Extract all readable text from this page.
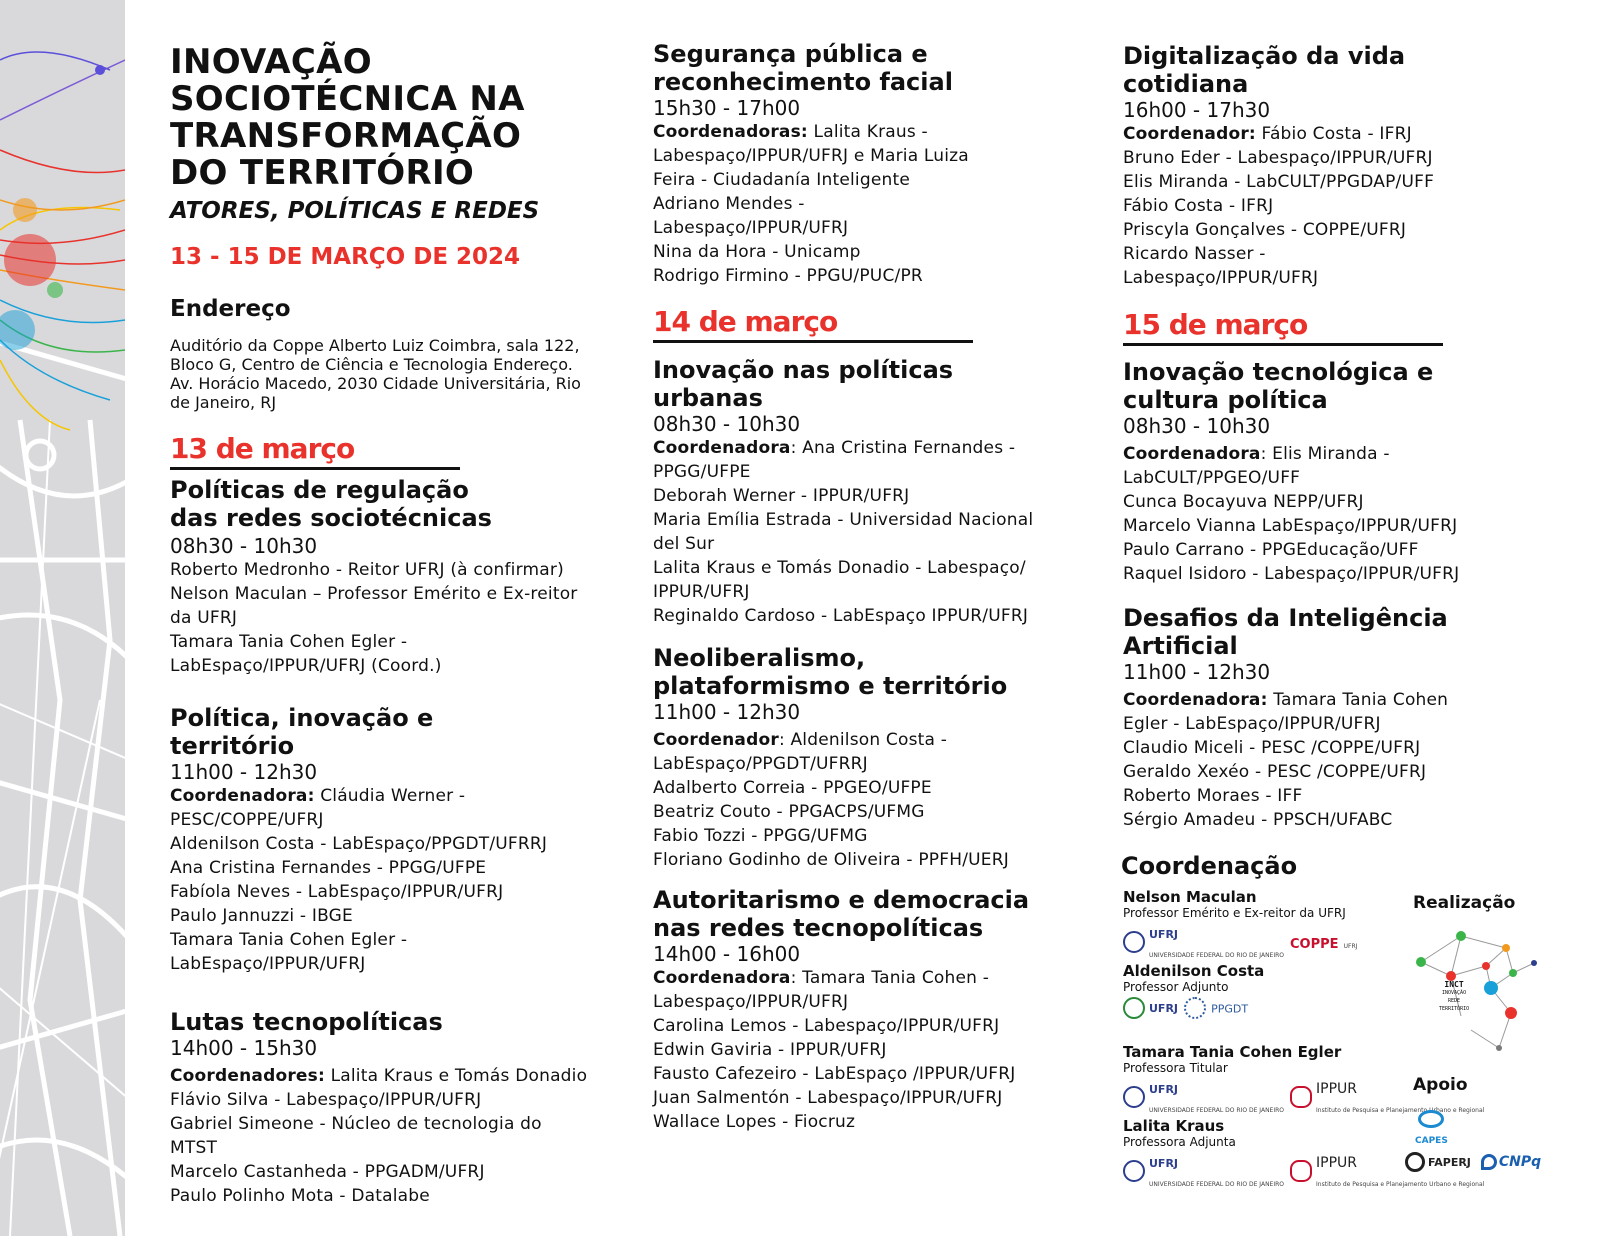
INOVAÇÃO

SOCIOTÉCNICA NA

TRANSFORMAÇÃO

DO TERRITÓRIO

ATORES, POLÍTICAS E REDES

13 - 15 DE MARÇO DE 2024

Endereço

Auditório da Coppe Alberto Luiz Coimbra, sala 122, Bloco G, Centro de Ciência e Tecnologia Endereço. Av. Horácio Macedo, 2030 Cidade Universitária, Rio de Janeiro, RJ

13 de março

Políticas de regulação

das redes sociotécnicas

08h30 - 10h30

Roberto Medronho - Reitor UFRJ (à confirmar)

Nelson Maculan – Professor Emérito e Ex-reitor

da UFRJ

Tamara Tania Cohen Egler -

LabEspaço/IPPUR/UFRJ (Coord.)

Política, inovação e

território

11h00 - 12h30

Coordenadora: Cláudia Werner -

PESC/COPPE/UFRJ

Aldenilson Costa - LabEspaço/PPGDT/UFRRJ

Ana Cristina Fernandes - PPGG/UFPE

Fabíola Neves - LabEspaço/IPPUR/UFRJ

Paulo Jannuzzi - IBGE

Tamara Tania Cohen Egler -

LabEspaço/IPPUR/UFRJ

Lutas tecnopolíticas

14h00 - 15h30

Coordenadores: Lalita Kraus e Tomás Donadio

Flávio Silva - Labespaço/IPPUR/UFRJ

Gabriel Simeone - Núcleo de tecnologia do

MTST

Marcelo Castanheda - PPGADM/UFRJ

Paulo Polinho Mota - Datalabe

Segurança pública e

reconhecimento facial

15h30 - 17h00

Coordenadoras: Lalita Kraus -

Labespaço/IPPUR/UFRJ e Maria Luiza

Feira - Ciudadanía Inteligente

Adriano Mendes -

Labespaço/IPPUR/UFRJ

Nina da Hora - Unicamp

Rodrigo Firmino - PPGU/PUC/PR

14 de março

Inovação nas políticas

urbanas

08h30 - 10h30

Coordenadora: Ana Cristina Fernandes -

PPGG/UFPE

Deborah Werner - IPPUR/UFRJ

Maria Emília Estrada - Universidad Nacional

del Sur

Lalita Kraus e Tomás Donadio - Labespaço/

IPPUR/UFRJ

Reginaldo Cardoso - LabEspaço IPPUR/UFRJ

Neoliberalismo,

plataformismo e território

11h00 - 12h30

Coordenador: Aldenilson Costa -

LabEspaço/PPGDT/UFRRJ

Adalberto Correia - PPGEO/UFPE

Beatriz Couto - PPGACPS/UFMG

Fabio Tozzi - PPGG/UFMG

Floriano Godinho de Oliveira - PPFH/UERJ

Autoritarismo e democracia

nas redes tecnopolíticas

14h00 - 16h00

Coordenadora: Tamara Tania Cohen -

Labespaço/IPPUR/UFRJ

Carolina Lemos - Labespaço/IPPUR/UFRJ

Edwin Gaviria - IPPUR/UFRJ

Fausto Cafezeiro - LabEspaço /IPPUR/UFRJ

Juan Salmentón - Labespaço/IPPUR/UFRJ

Wallace Lopes - Fiocruz

Digitalização da vida

cotidiana

16h00 - 17h30

Coordenador: Fábio Costa - IFRJ

Bruno Eder - Labespaço/IPPUR/UFRJ

Elis Miranda - LabCULT/PPGDAP/UFF

Fábio Costa - IFRJ

Priscyla Gonçalves - COPPE/UFRJ

Ricardo Nasser -

Labespaço/IPPUR/UFRJ

15 de março

Inovação tecnológica e

cultura política

08h30 - 10h30

Coordenadora: Elis Miranda -

LabCULT/PPGEO/UFF

Cunca Bocayuva NEPP/UFRJ

Marcelo Vianna LabEspaço/IPPUR/UFRJ

Paulo Carrano - PPGEducação/UFF

Raquel Isidoro - Labespaço/IPPUR/UFRJ

Desafios da Inteligência

Artificial

11h00 - 12h30

Coordenadora: Tamara Tania Cohen

Egler - LabEspaço/IPPUR/UFRJ

Claudio Miceli - PESC /COPPE/UFRJ

Geraldo Xexéo - PESC /COPPE/UFRJ

Roberto Moraes - IFF

Sérgio Amadeu - PPSCH/UFABC

Coordenação

Nelson Maculan

Professor Emérito e Ex-reitor da UFRJ

UFRJ
UNIVERSIDADE FEDERAL DO RIO DE JANEIRO
COPPE UFRJ

Aldenilson Costa

Professor Adjunto

UFRJ	PPGDT

Tamara Tania Cohen Egler

Professora Titular

UFRJ
UNIVERSIDADE FEDERAL DO RIO DE JANEIRO
IPPUR
Instituto de Pesquisa e Planejamento Urbano e Regional

Lalita Kraus

Professora Adjunta

UFRJ
UNIVERSIDADE FEDERAL DO RIO DE JANEIRO
IPPUR
Instituto de Pesquisa e Planejamento Urbano e Regional

Realização

INCT
INOVAÇÃO
REDE
TERRITÓRIO

Apoio

CAPES
FAPERJ CNPq
